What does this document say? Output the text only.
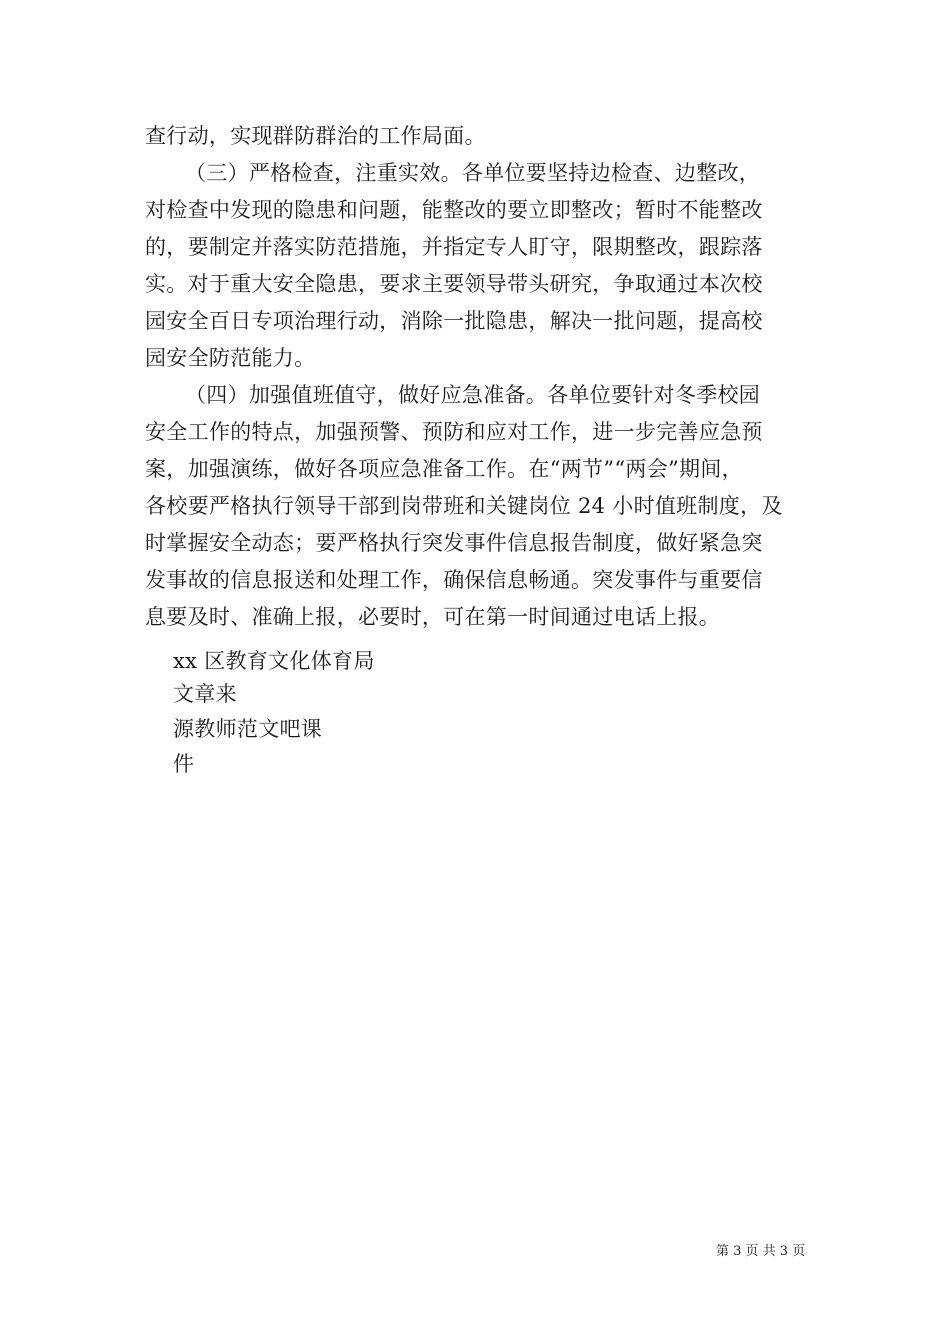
查行动，实现群防群治的工作局面。
（三）严格检查，注重实效。各单位要坚持边检查、边整改，
对检查中发现的隐患和问题，能整改的要立即整改；暂时不能整改
的，要制定并落实防范措施，并指定专人盯守，限期整改，跟踪落
实。对于重大安全隐患，要求主要领导带头研究，争取通过本次校
园安全百日专项治理行动，消除一批隐患，解决一批问题，提高校
园安全防范能力。
（四）加强值班值守，做好应急准备。各单位要针对冬季校园
安全工作的特点，加强预警、预防和应对工作，进一步完善应急预
案，加强演练，做好各项应急准备工作。在“两节”“两会”期间，
各校要严格执行领导干部到岗带班和关键岗位 24 小时值班制度，及
时掌握安全动态；要严格执行突发事件信息报告制度，做好紧急突
发事故的信息报送和处理工作，确保信息畅通。突发事件与重要信
息要及时、准确上报，必要时，可在第一时间通过电话上报。
xx 区教育文化体育局
文章来
源教师范文吧课
件
第 3 页 共 3 页
